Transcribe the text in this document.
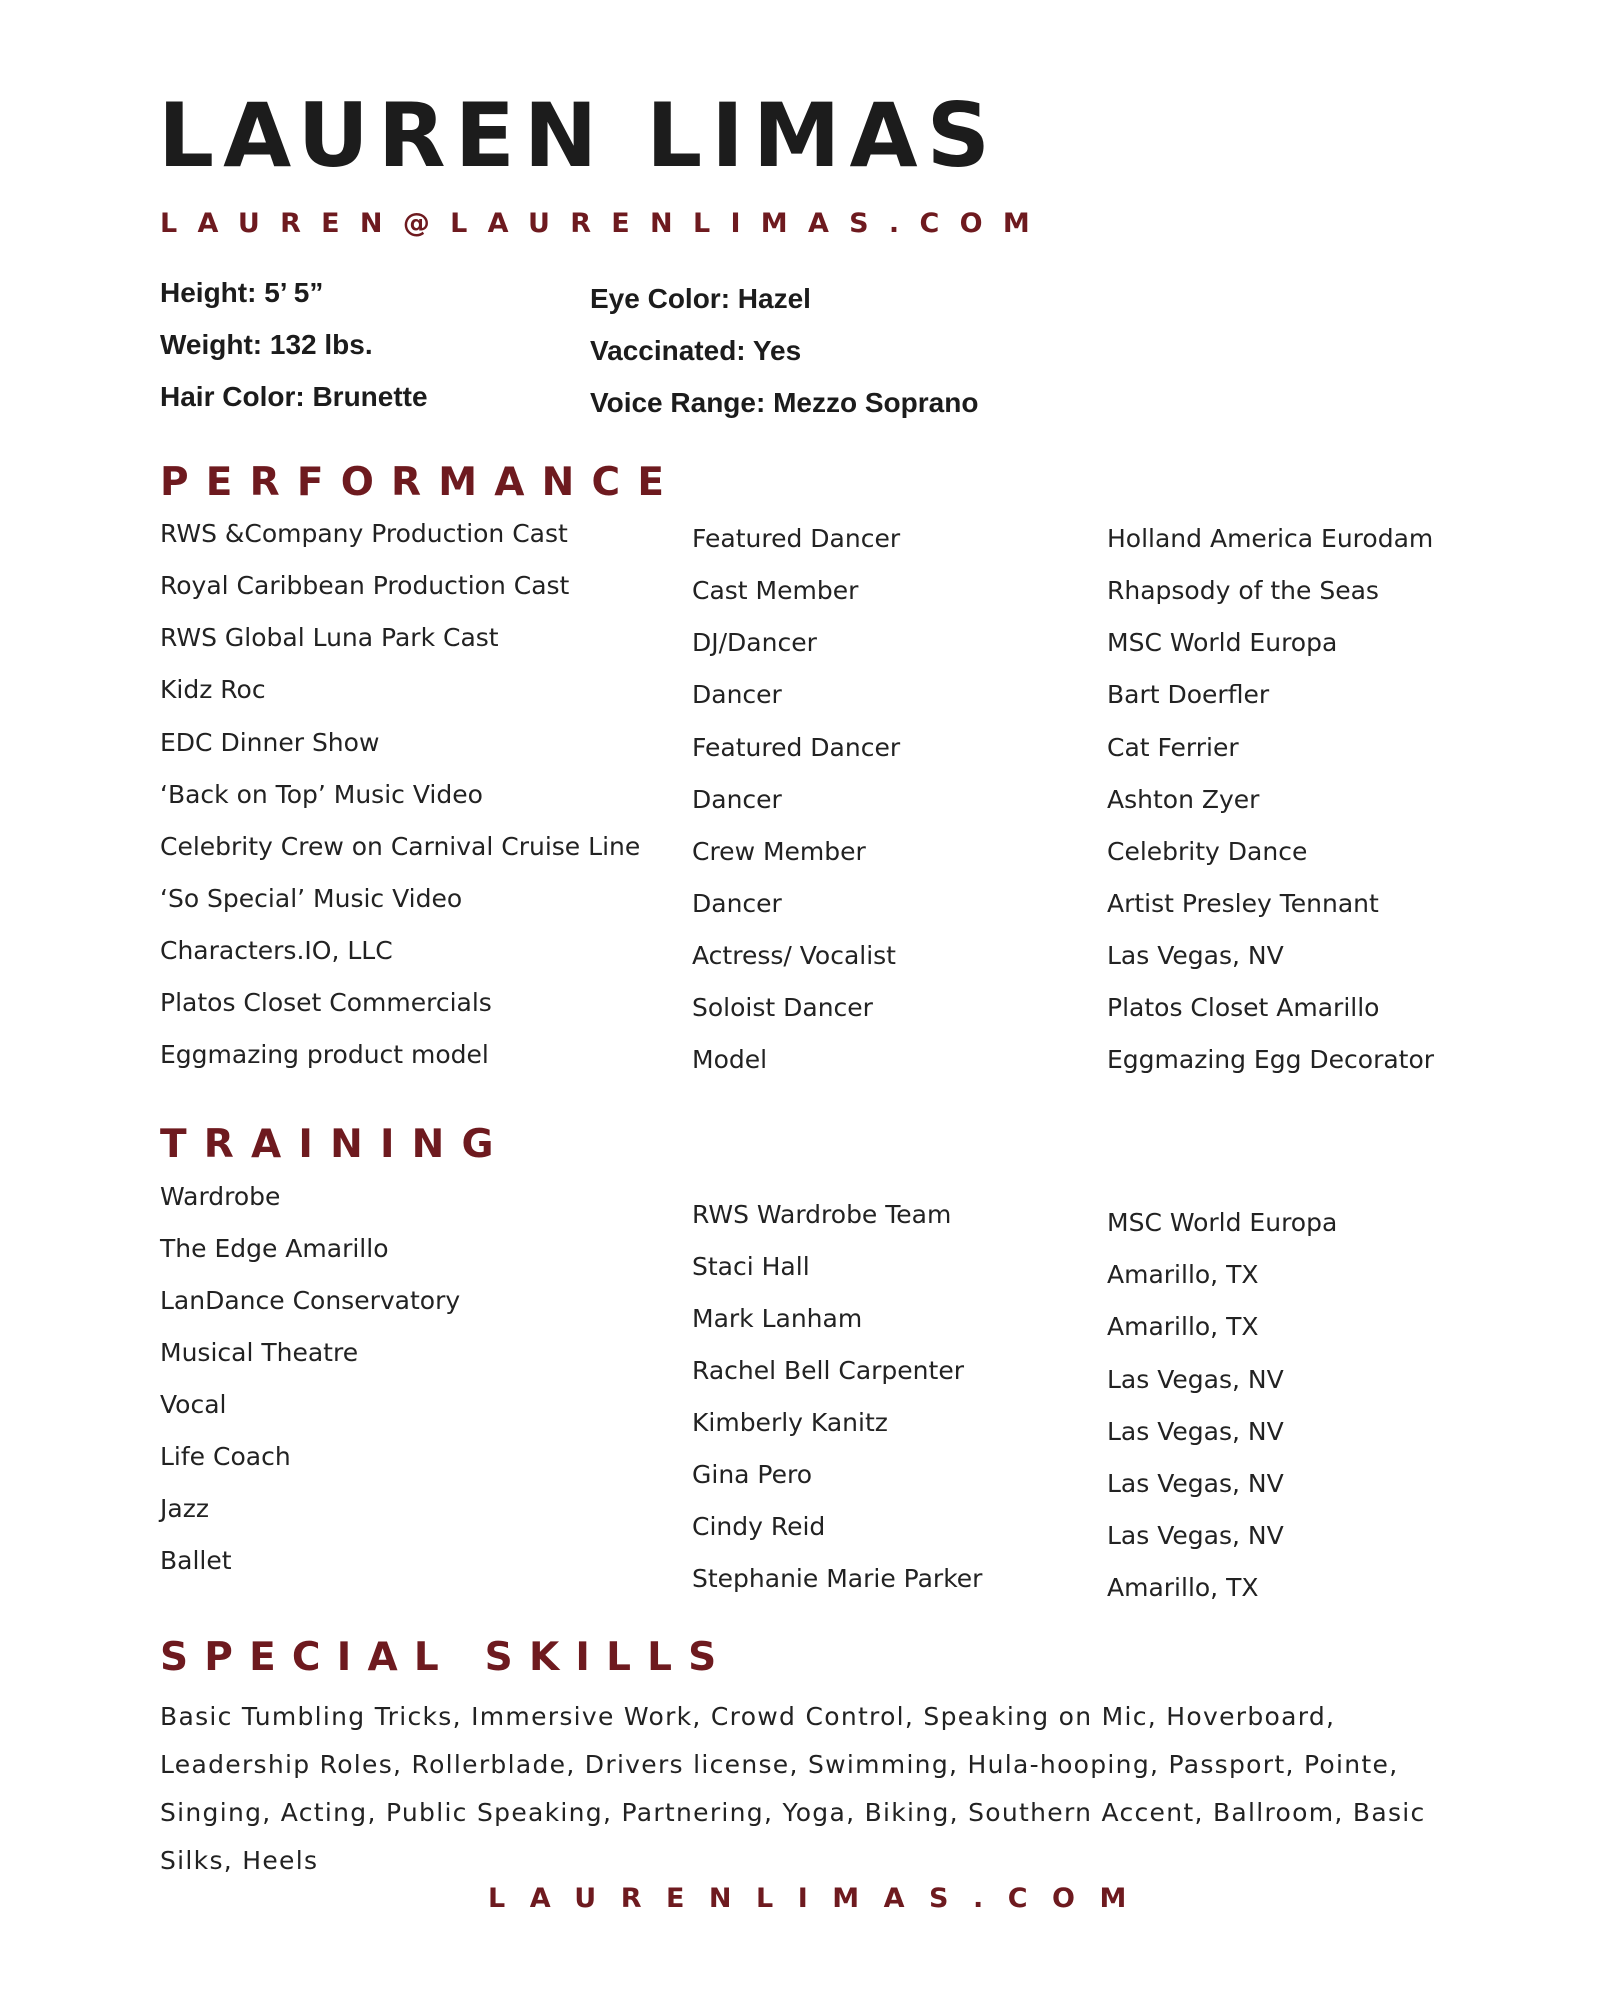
LAUREN LIMAS
LAUREN@LAURENLIMAS.COM
Height: 5’ 5”
Weight: 132 lbs.
Hair Color: Brunette
Eye Color: Hazel
Vaccinated: Yes
Voice Range: Mezzo Soprano
PERFORMANCE
RWS &Company Production Cast
Royal Caribbean Production Cast
RWS Global Luna Park Cast
Kidz Roc
EDC Dinner Show
‘Back on Top’ Music Video
Celebrity Crew on Carnival Cruise Line
‘So Special’ Music Video
Characters.IO, LLC
Platos Closet Commercials
Eggmazing product model
Featured Dancer
Cast Member
DJ/Dancer
Dancer
Featured Dancer
Dancer
Crew Member
Dancer
Actress/ Vocalist
Soloist Dancer
Model
Holland America Eurodam
Rhapsody of the Seas
MSC World Europa
Bart Doerfler
Cat Ferrier
Ashton Zyer
Celebrity Dance
Artist Presley Tennant
Las Vegas, NV
Platos Closet Amarillo
Eggmazing Egg Decorator
TRAINING
Wardrobe
The Edge Amarillo
LanDance Conservatory
Musical Theatre
Vocal
Life Coach
Jazz
Ballet
RWS Wardrobe Team
Staci Hall
Mark Lanham
Rachel Bell Carpenter
Kimberly Kanitz
Gina Pero
Cindy Reid
Stephanie Marie Parker
MSC World Europa
Amarillo, TX
Amarillo, TX
Las Vegas, NV
Las Vegas, NV
Las Vegas, NV
Las Vegas, NV
Amarillo, TX
SPECIAL SKILLS

Basic Tumbling Tricks, Immersive Work, Crowd Control, Speaking on Mic, Hoverboard, Leadership Roles, Rollerblade, Drivers license, Swimming, Hula-hooping, Passport, Pointe, Singing, Acting, Public Speaking, Partnering, Yoga, Biking, Southern Accent, Ballroom, Basic Silks, Heels

LAURENLIMAS.COM
